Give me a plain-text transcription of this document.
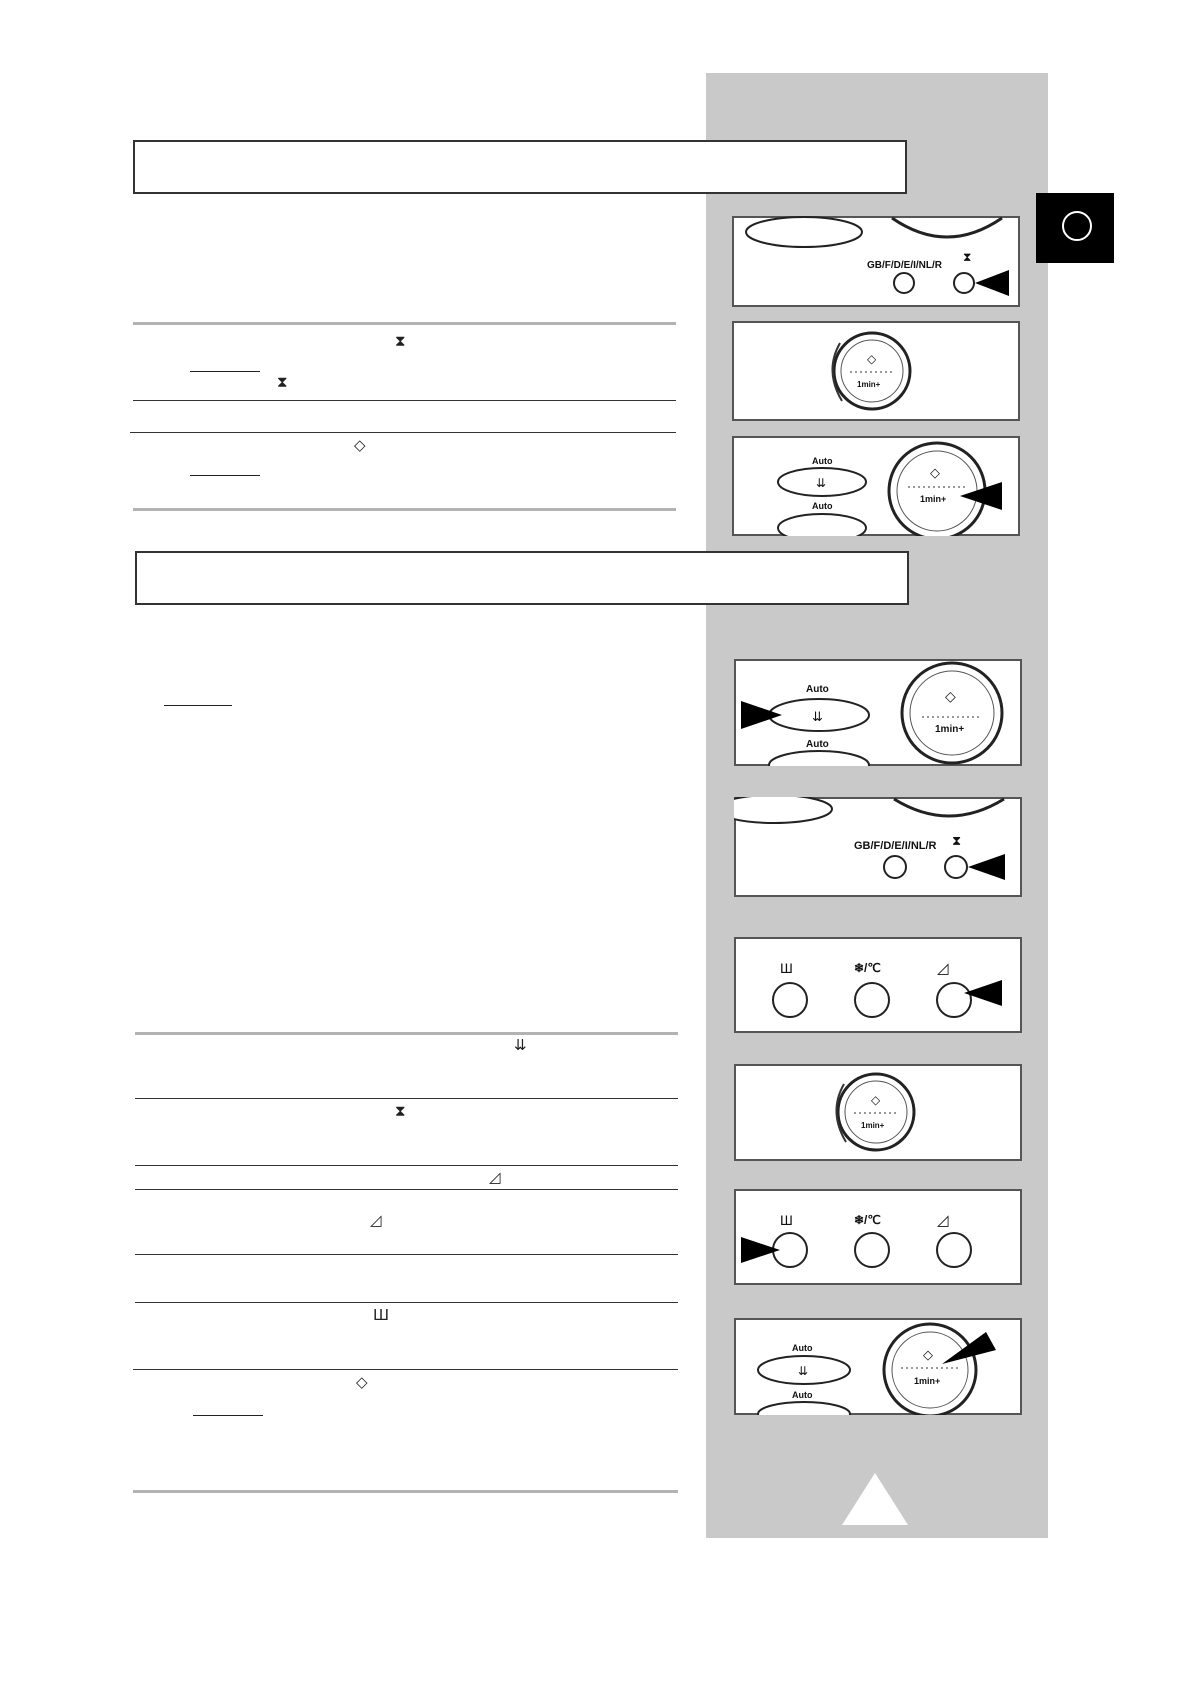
⧗
⧗
◇
⇊
⧗
◿
◿
Ш
◇
GB/F/D/E/I/NL/R
⧗
◇
1min+
Auto
⇊
Auto
◇
1min+
Auto
⇊
Auto
◇
1min+
GB/F/D/E/I/NL/R ⧗
Ш	❄/℃	◿
◇
1min+
Ш	❄/℃	◿
Auto
⇊
Auto
◇
1min+
